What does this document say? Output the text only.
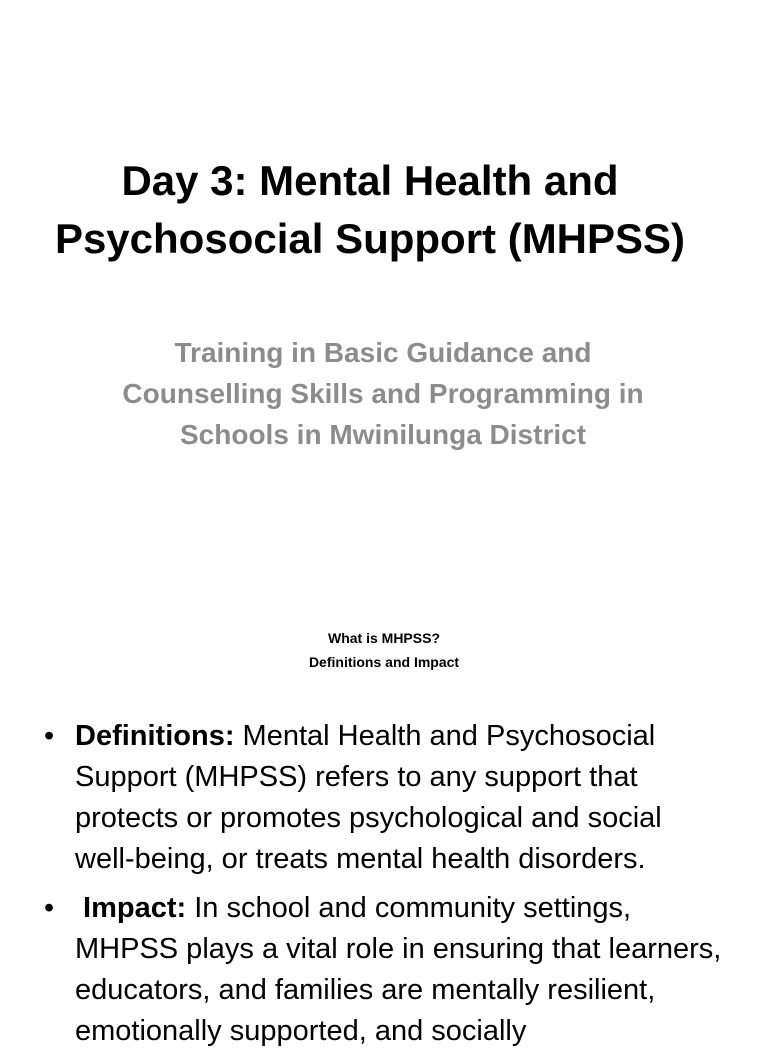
Day 3: Mental Health and Psychosocial Support (MHPSS)

Training in Basic Guidance and Counselling Skills and Programming in Schools in Mwinilunga District

What is MHPSS?
Definitions and Impact
• Definitions: Mental Health and Psychosocial Support (MHPSS) refers to any support that protects or promotes psychological and social well-being, or treats mental health disorders.
• Impact: In school and community settings, MHPSS plays a vital role in ensuring that learners, educators, and families are mentally resilient, emotionally supported, and socially
